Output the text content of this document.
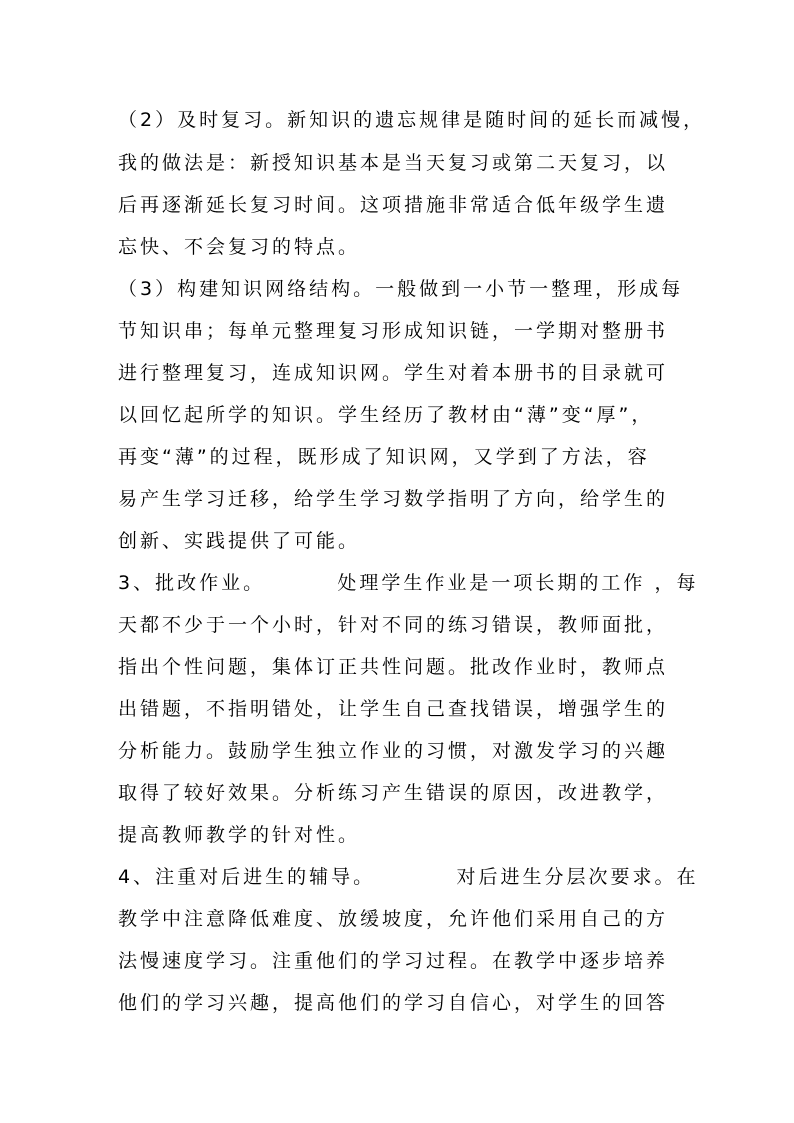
（2）及时复习。新知识的遗忘规律是随时间的延长而减慢，
我的做法是：新授知识基本是当天复习或第二天复习，以
后再逐渐延长复习时间。这项措施非常适合低年级学生遗
忘快、不会复习的特点。
（3）构建知识网络结构。一般做到一小节一整理，形成每
节知识串；每单元整理复习形成知识链，一学期对整册书
进行整理复习，连成知识网。学生对着本册书的目录就可
以回忆起所学的知识。学生经历了教材由“薄”变“厚”，
再变“薄”的过程，既形成了知识网，又学到了方法，容
易产生学习迁移，给学生学习数学指明了方向，给学生的
创新、实践提供了可能。
3、批改作业。        处理学生作业是一项长期的工作 ，每
天都不少于一个小时，针对不同的练习错误，教师面批，
指出个性问题，集体订正共性问题。批改作业时，教师点
出错题，不指明错处，让学生自己查找错误，增强学生的
分析能力。鼓励学生独立作业的习惯，对激发学习的兴趣
取得了较好效果。分析练习产生错误的原因，改进教学，
提高教师教学的针对性。
4、注重对后进生的辅导。         对后进生分层次要求。在
教学中注意降低难度、放缓坡度，允许他们采用自己的方
法慢速度学习。注重他们的学习过程。在教学中逐步培养
他们的学习兴趣，提高他们的学习自信心，对学生的回答
